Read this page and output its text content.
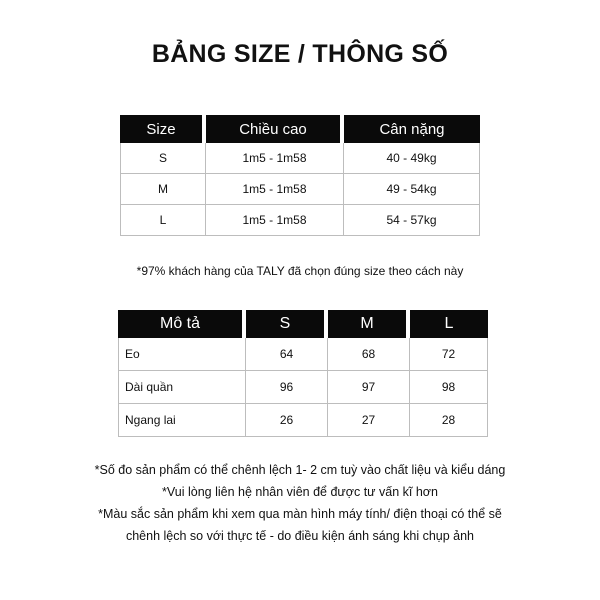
BẢNG SIZE / THÔNG SỐ
Size	Chiều cao	Cân nặng
S	1m5 - 1m58	40 - 49kg
M	1m5 - 1m58	49 - 54kg
L	1m5 - 1m58	54 - 57kg
*97% khách hàng của TALY đã chọn đúng size theo cách này
Mô tả	S	M	L
Eo	64	68	72
Dài quần	96	97	98
Ngang lai	26	27	28
*Số đo sản phẩm có thể chênh lệch 1- 2 cm tuỳ vào chất liệu và kiểu dáng
*Vui lòng liên hệ nhân viên để được tư vấn kĩ hơn
*Màu sắc sản phẩm khi xem qua màn hình máy tính/ điện thoại có thể sẽ
chênh lệch so với thực tế - do điều kiện ánh sáng khi chụp ảnh
